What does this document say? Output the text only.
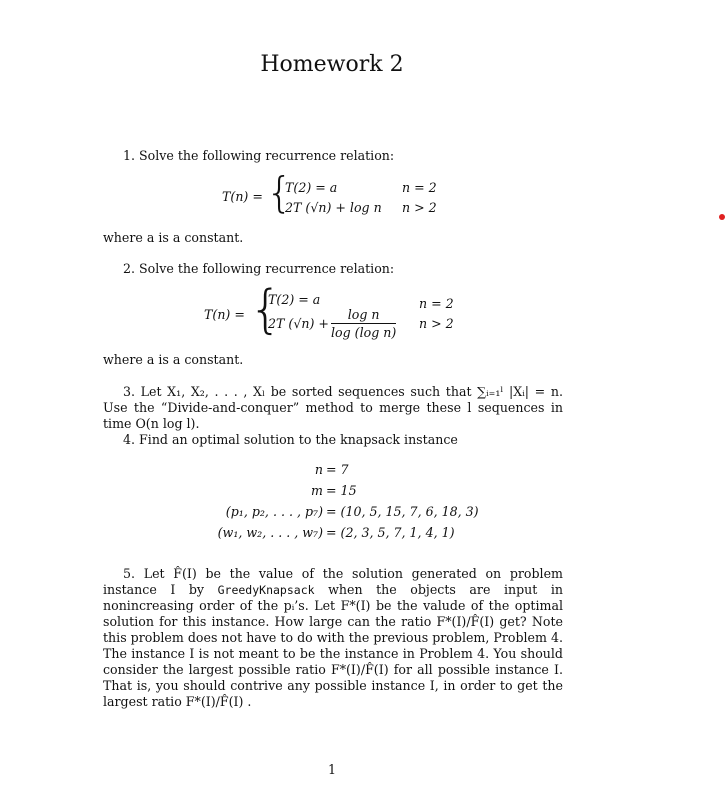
Homework 2
1. Solve the following recurrence relation:
T(n) = {
T(2) = a	n = 2
2T (√n) + log n n > 2
where a is a constant.
2. Solve the following recurrence relation:
T(n) = {
T(2) = a	n = 2
2T $(√n) + \frac{\text{log n}}{\text{log (log n)}}$ n > 2
where a is a constant.
3. Let X₁, X₂, . . . , Xₗ be sorted sequences such that ∑ᵢ₌₁ˡ |Xᵢ| = n. Use the “Divide-and-conquer” method to merge these l sequences in time O(n log l).
4. Find an optimal solution to the knapsack instance
n
m
(p₁, p₂, . . . , p₇)
(w₁, w₂, . . . , w₇)
= 7
= 15
= (10, 5, 15, 7, 6, 18, 3)
= (2, 3, 5, 7, 1, 4, 1)
5. Let F̂(I) be the value of the solution generated on problem instance I by GreedyKnapsack when the objects are input in nonincreasing order of the pᵢ’s. Let F*(I) be the valude of the optimal solution for this instance. How large can the ratio F*(I)/F̂(I) get? Note this problem does not have to do with the previous problem, Problem 4. The instance I is not meant to be the instance in Problem 4. You should consider the largest possible ratio F*(I)/F̂(I) for all possible instance I. That is, you should contrive any possible instance I, in order to get the largest ratio F*(I)/F̂(I) .
1
